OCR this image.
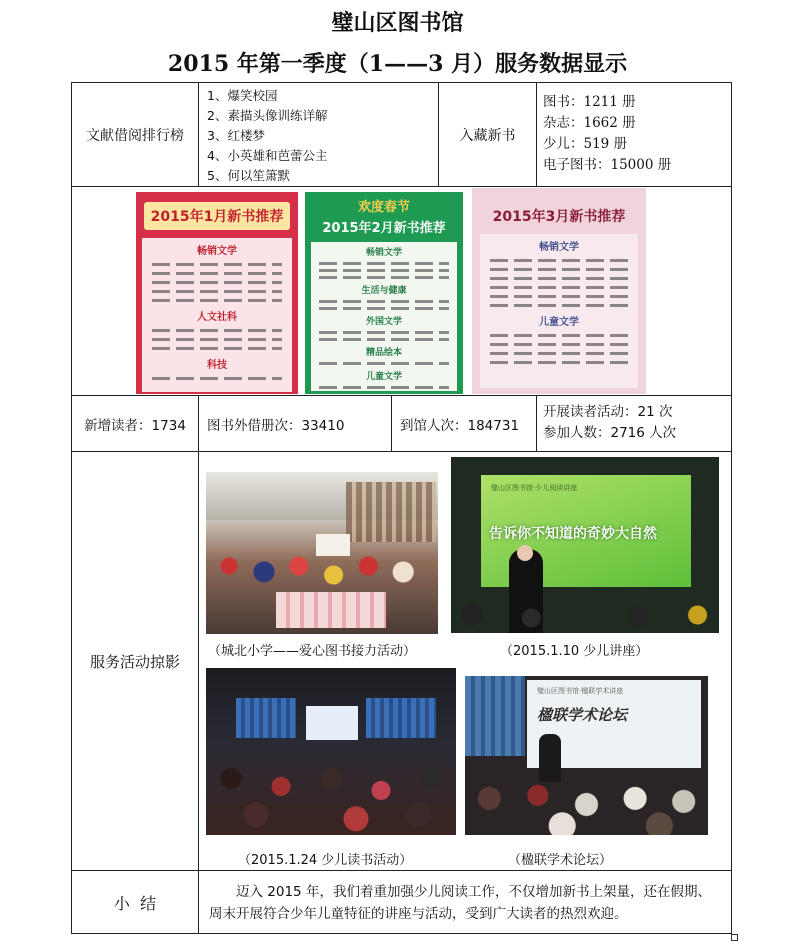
璧山区图书馆
2015 年第一季度（1——3 月）服务数据显示
文献借阅排行榜
1、爆笑校园
2、素描头像训练详解
3、红楼梦
4、小英雄和芭蕾公主
5、何以笙箫默
入藏新书
图书：1211 册
杂志：1662 册
少儿：519 册
电子图书：15000 册
2015年1月新书推荐
畅销文学
人文社科
科技
欢度春节
2015年2月新书推荐
畅销文学
生活与健康
外国文学
精品绘本
儿童文学
2015年3月新书推荐
畅销文学
儿童文学
新增读者：1734 图书外借册次：33410	到馆人次：184731
开展读者活动：21 次
参加人数：2716 人次
服务活动掠影
（城北小学——爱心图书接力活动）
璧山区图书馆·少儿阅读讲座
告诉你不知道的奇妙大自然
（2015.1.10 少儿讲座）
（2015.1.24 少儿读书活动）
璧山区图书馆·楹联学术讲座
楹联学术论坛
（楹联学术论坛）
小  结
迈入 2015 年，我们着重加强少儿阅读工作，不仅增加新书上架量，还在假期、周末开展符合少年儿童特征的讲座与活动，受到广大读者的热烈欢迎。
